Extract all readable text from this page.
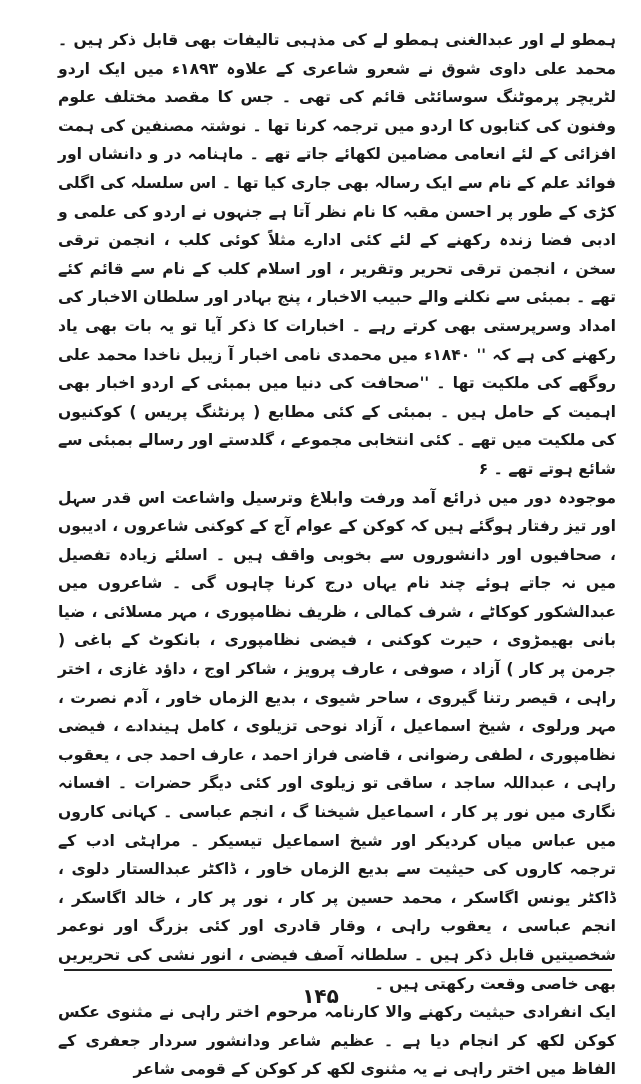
ہمطو لے اور عبدالغنی ہمطو لے کی مذہبی تالیفات بھی قابل ذکر ہیں ۔ محمد علی داوی شوق نے شعرو شاعری کے علاوہ ۱۸۹۳ء میں ایک اردو لٹریچر پرموٹنگ سوسائٹی قائم کی تھی ۔ جس کا مقصد مختلف علوم وفنون کی کتابوں کا اردو میں ترجمہ کرنا تھا ۔ نوشتہ مصنفین کی ہمت افزائی کے لئے انعامی مضامین لکھائے جاتے تھے ۔ ماہنامہ در و دانشاں اور فوائد علم کے نام سے ایک رسالہ بھی جاری کیا تھا ۔ اس سلسلہ کی اگلی کڑی کے طور پر احسن مقبہ کا نام نظر آتا ہے جنہوں نے اردو کی علمی و ادبی فضا زندہ رکھنے کے لئے کئی ادارے مثلاً کوئی کلب ، انجمن ترقی سخن ، انجمن ترقی تحریر وتقریر ، اور اسلام کلب کے نام سے قائم کئے تھے ۔ بمبئی سے نکلنے والے حبیب الاخبار ، پنج بہادر اور سلطان الاخبار کی امداد وسرپرستی بھی کرتے رہے ۔ اخبارات کا ذکر آیا تو یہ بات بھی یاد رکھنے کی ہے کہ '' ۱۸۴۰ء میں محمدی نامی اخبار آ زیبل ناخدا محمد علی روگھے کی ملکیت تھا ۔ ''صحافت کی دنیا میں بمبئی کے اردو اخبار بھی اہمیت کے حامل ہیں ۔ بمبئی کے کئی مطابع ( پرنٹنگ پریس ) کوکنیوں کی ملکیت میں تھے ۔ کئی انتخابی مجموعے ، گلدستے اور رسالے بمبئی سے شائع ہوتے تھے ۔ ۶

موجودہ دور میں ذرائع آمد ورفت وابلاغ وترسیل واشاعت اس قدر سہل اور تیز رفتار ہوگئے ہیں کہ کوکن کے عوام آج کے کوکنی شاعروں ، ادیبوں ، صحافیوں اور دانشوروں سے بخوبی واقف ہیں ۔ اسلئے زیادہ تفصیل میں نہ جاتے ہوئے چند نام یہاں درج کرنا چاہوں گی ۔ شاعروں میں عبدالشکور کوکاٹے ، شرف کمالی ، ظریف نظامپوری ، مہر مسلائی ، ضیا بانی بھیمڑوی ، حیرت کوکنی ، فیضی نظامپوری ، بانکوٹ کے باغی ( جرمن پر کار ) آزاد ، صوفی ، عارف پرویز ، شاکر اوج ، داؤد غازی ، اختر راہی ، قیصر رتنا گیروی ، ساحر شیوی ، بدیع الزماں خاور ، آدم نصرت ، مہر ورلوی ، شیخ اسماعیل ، آزاد نوحی تزیلوی ، کامل ہیندادے ، فیضی نظامپوری ، لطفی رضوانی ، قاضی فراز احمد ، عارف احمد جی ، یعقوب راہی ، عبداللہ ساجد ، ساقی تو زیلوی اور کئی دیگر حضرات ۔ افسانہ نگاری میں نور پر کار ، اسماعیل شیخنا گ ، انجم عباسی ۔ کہانی کاروں میں عباس میاں کردیکر اور شیخ اسماعیل تیسیکر ۔ مراہٹی ادب کے ترجمہ کاروں کی حیثیت سے بدیع الزماں خاور ، ڈاکٹر عبدالستار دلوی ، ڈاکٹر یونس اگاسکر ، محمد حسین پر کار ، نور پر کار ، خالد اگاسکر ، انجم عباسی ، یعقوب راہی ، وقار قادری اور کئی بزرگ اور نوعمر شخصیتیں قابل ذکر ہیں ۔ سلطانہ آصف فیضی ، انور نشی کی تحریریں بھی خاصی وقعت رکھتی ہیں ۔

ایک انفرادی حیثیت رکھنے والا کارنامہ مرحوم اختر راہی نے مثنوی عکس کوکن لکھ کر انجام دیا ہے ۔ عظیم شاعر ودانشور سردار جعفری کے الفاظ میں اختر راہی نے یہ مثنوی لکھ کر کوکن کے قومی شاعر

۱۴۵
